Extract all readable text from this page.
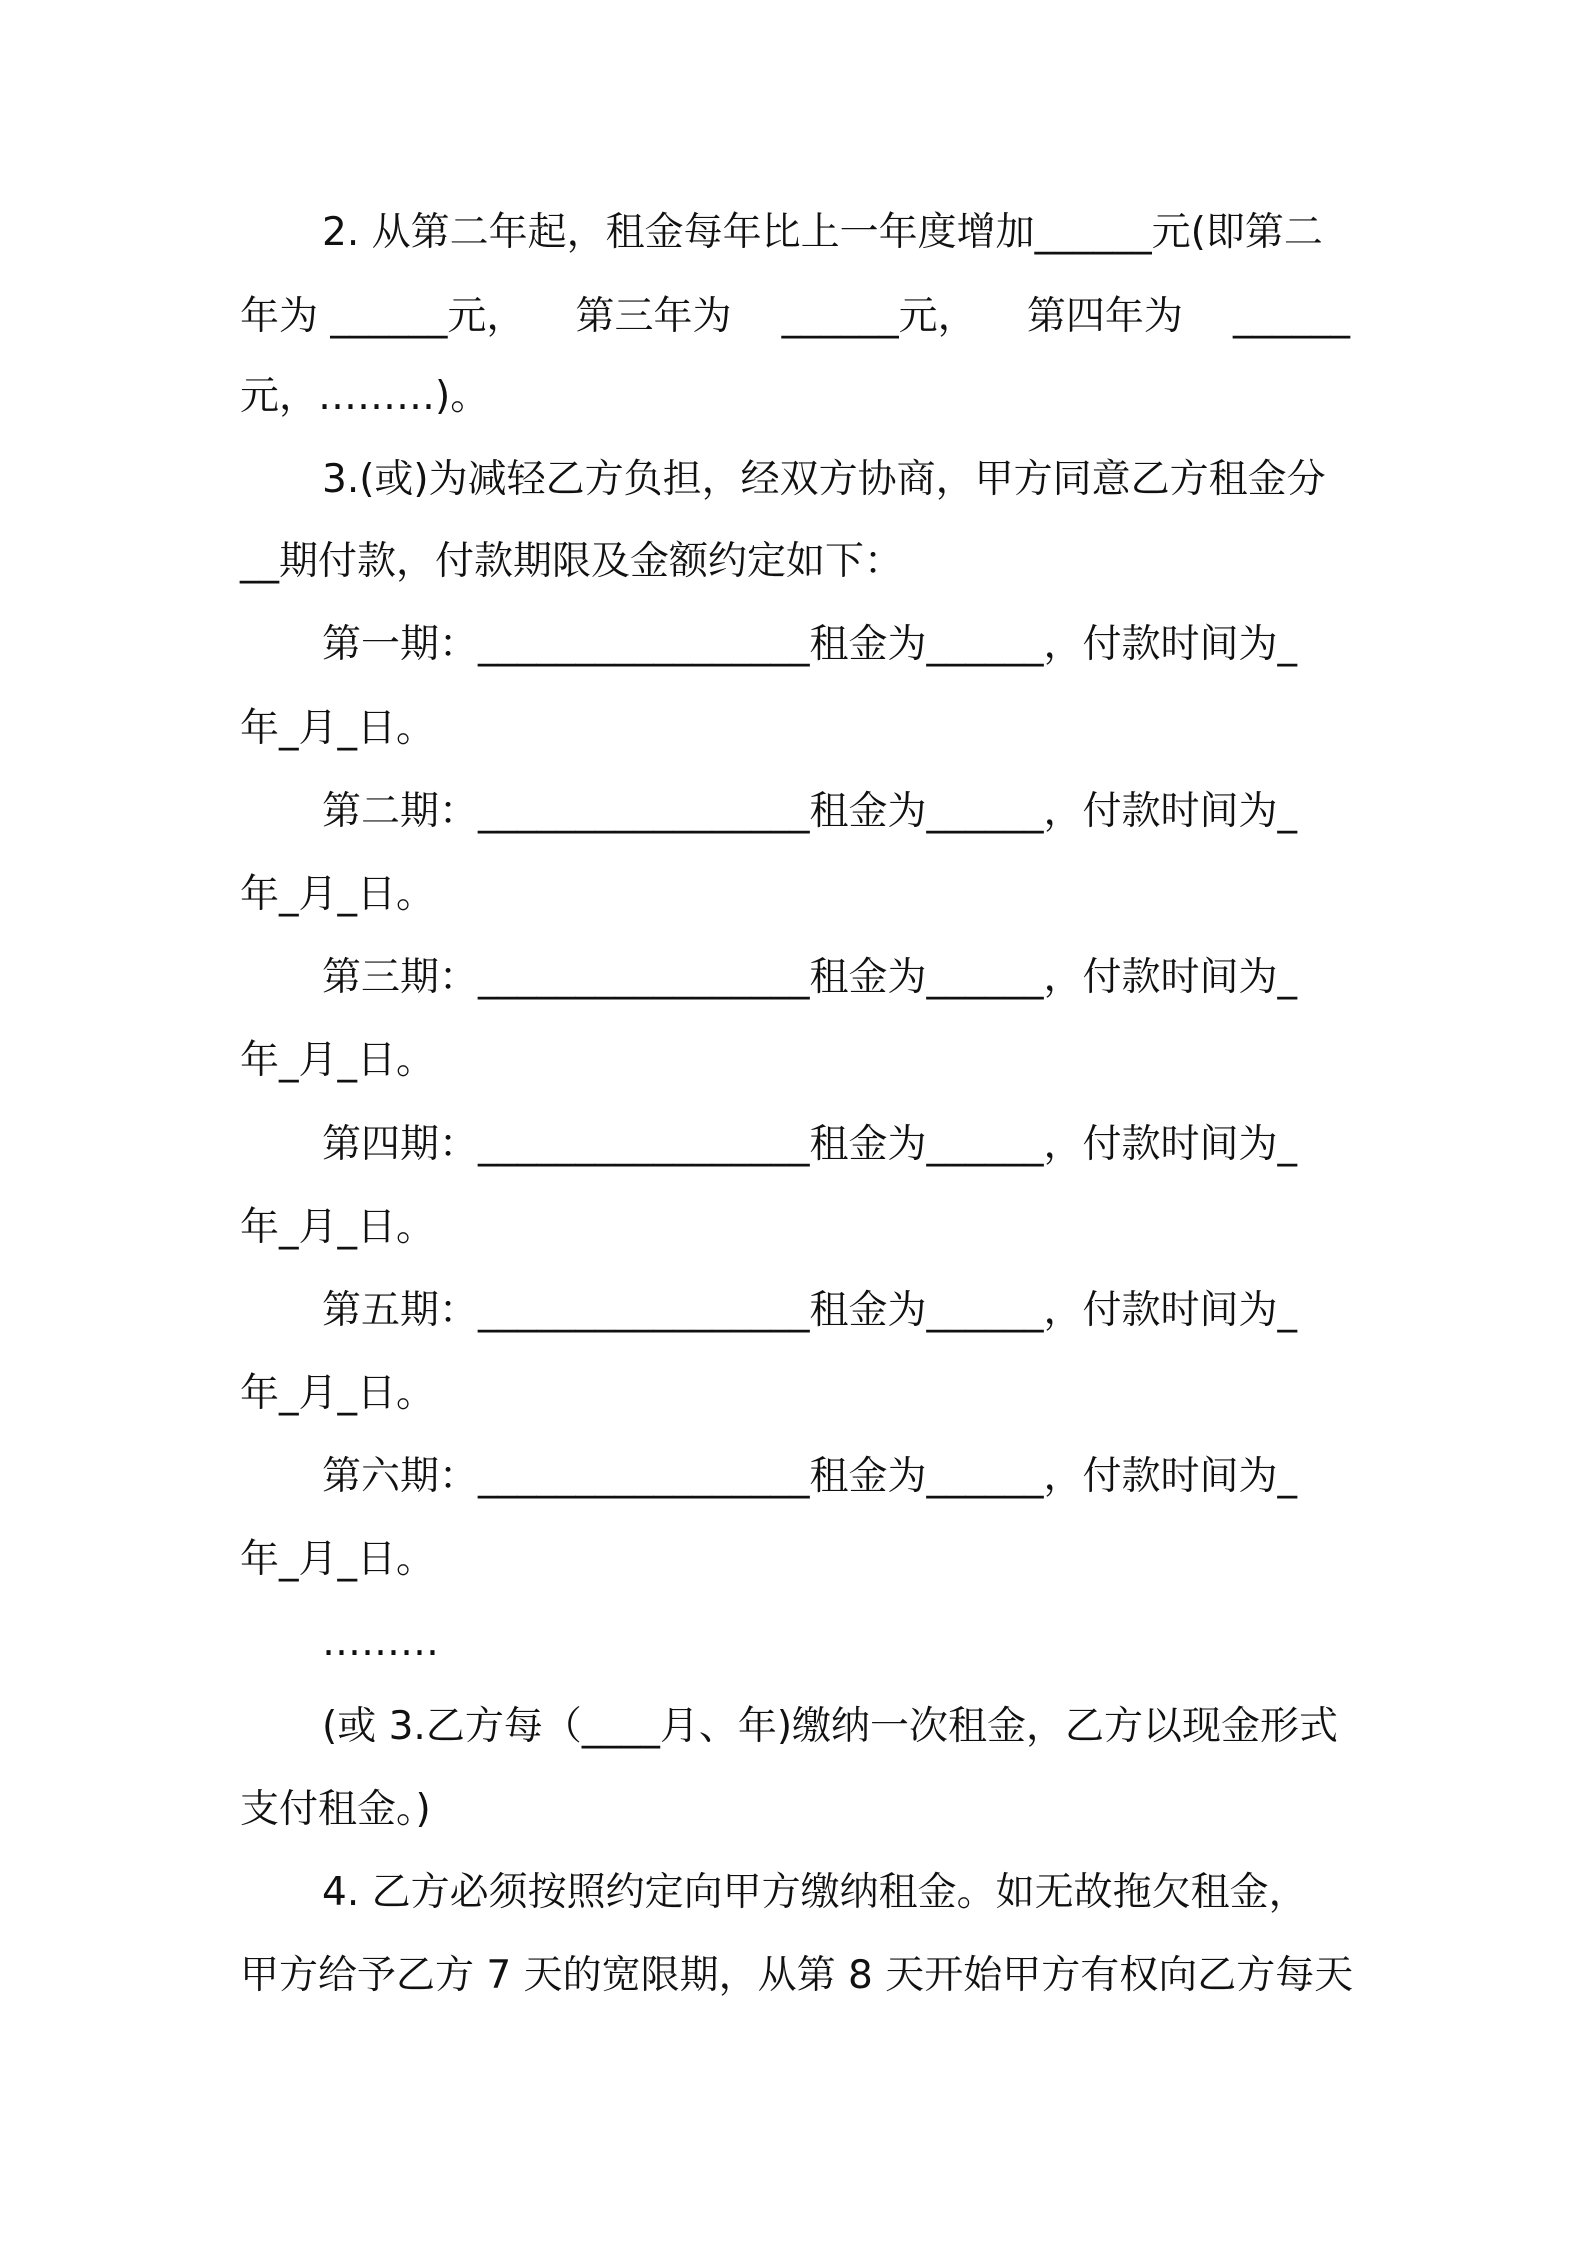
2. 从第二年起，租金每年比上一年度增加______元(即第二
年为 ______元， 第三年为 ______元， 第四年为 ______
元，………)。
3.(或)为减轻乙方负担，经双方协商，甲方同意乙方租金分
__期付款，付款期限及金额约定如下：
第一期：_________________租金为______，付款时间为_
年_月_日。
第二期：_________________租金为______，付款时间为_
年_月_日。
第三期：_________________租金为______，付款时间为_
年_月_日。
第四期：_________________租金为______，付款时间为_
年_月_日。
第五期：_________________租金为______，付款时间为_
年_月_日。
第六期：_________________租金为______，付款时间为_
年_月_日。
………
(或 3.乙方每（____月、年)缴纳一次租金，乙方以现金形式
支付租金。)
4. 乙方必须按照约定向甲方缴纳租金。如无故拖欠租金，
甲方给予乙方 7 天的宽限期，从第 8 天开始甲方有权向乙方每天
